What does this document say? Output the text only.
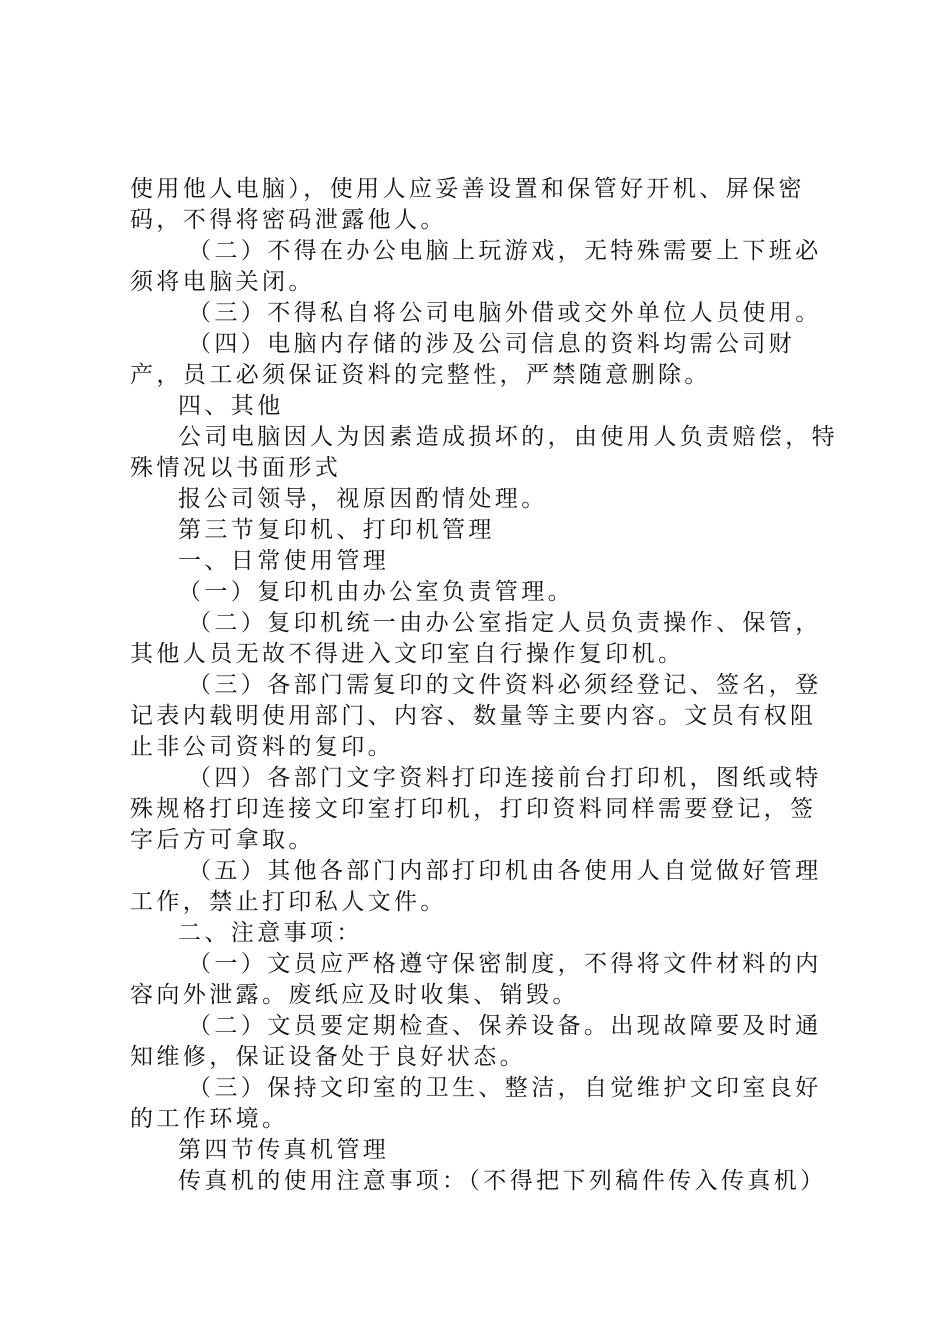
使用他人电脑），使用人应妥善设置和保管好开机、屏保密码，不得将密码泄露他人。

（二）不得在办公电脑上玩游戏，无特殊需要上下班必须将电脑关闭。

（三）不得私自将公司电脑外借或交外单位人员使用。

（四）电脑内存储的涉及公司信息的资料均需公司财产，员工必须保证资料的完整性，严禁随意删除。

四、其他

公司电脑因人为因素造成损坏的，由使用人负责赔偿，特殊情况以书面形式

报公司领导，视原因酌情处理。

第三节复印机、打印机管理

一、日常使用管理

（一）复印机由办公室负责管理。

（二）复印机统一由办公室指定人员负责操作、保管，其他人员无故不得进入文印室自行操作复印机。

（三）各部门需复印的文件资料必须经登记、签名，登记表内载明使用部门、内容、数量等主要内容。文员有权阻止非公司资料的复印。

（四）各部门文字资料打印连接前台打印机，图纸或特殊规格打印连接文印室打印机，打印资料同样需要登记，签字后方可拿取。

（五）其他各部门内部打印机由各使用人自觉做好管理工作，禁止打印私人文件。

二、注意事项：

（一）文员应严格遵守保密制度，不得将文件材料的内容向外泄露。废纸应及时收集、销毁。

（二）文员要定期检查、保养设备。出现故障要及时通知维修，保证设备处于良好状态。

（三）保持文印室的卫生、整洁，自觉维护文印室良好的工作环境。

第四节传真机管理

传真机的使用注意事项：（不得把下列稿件传入传真机）
